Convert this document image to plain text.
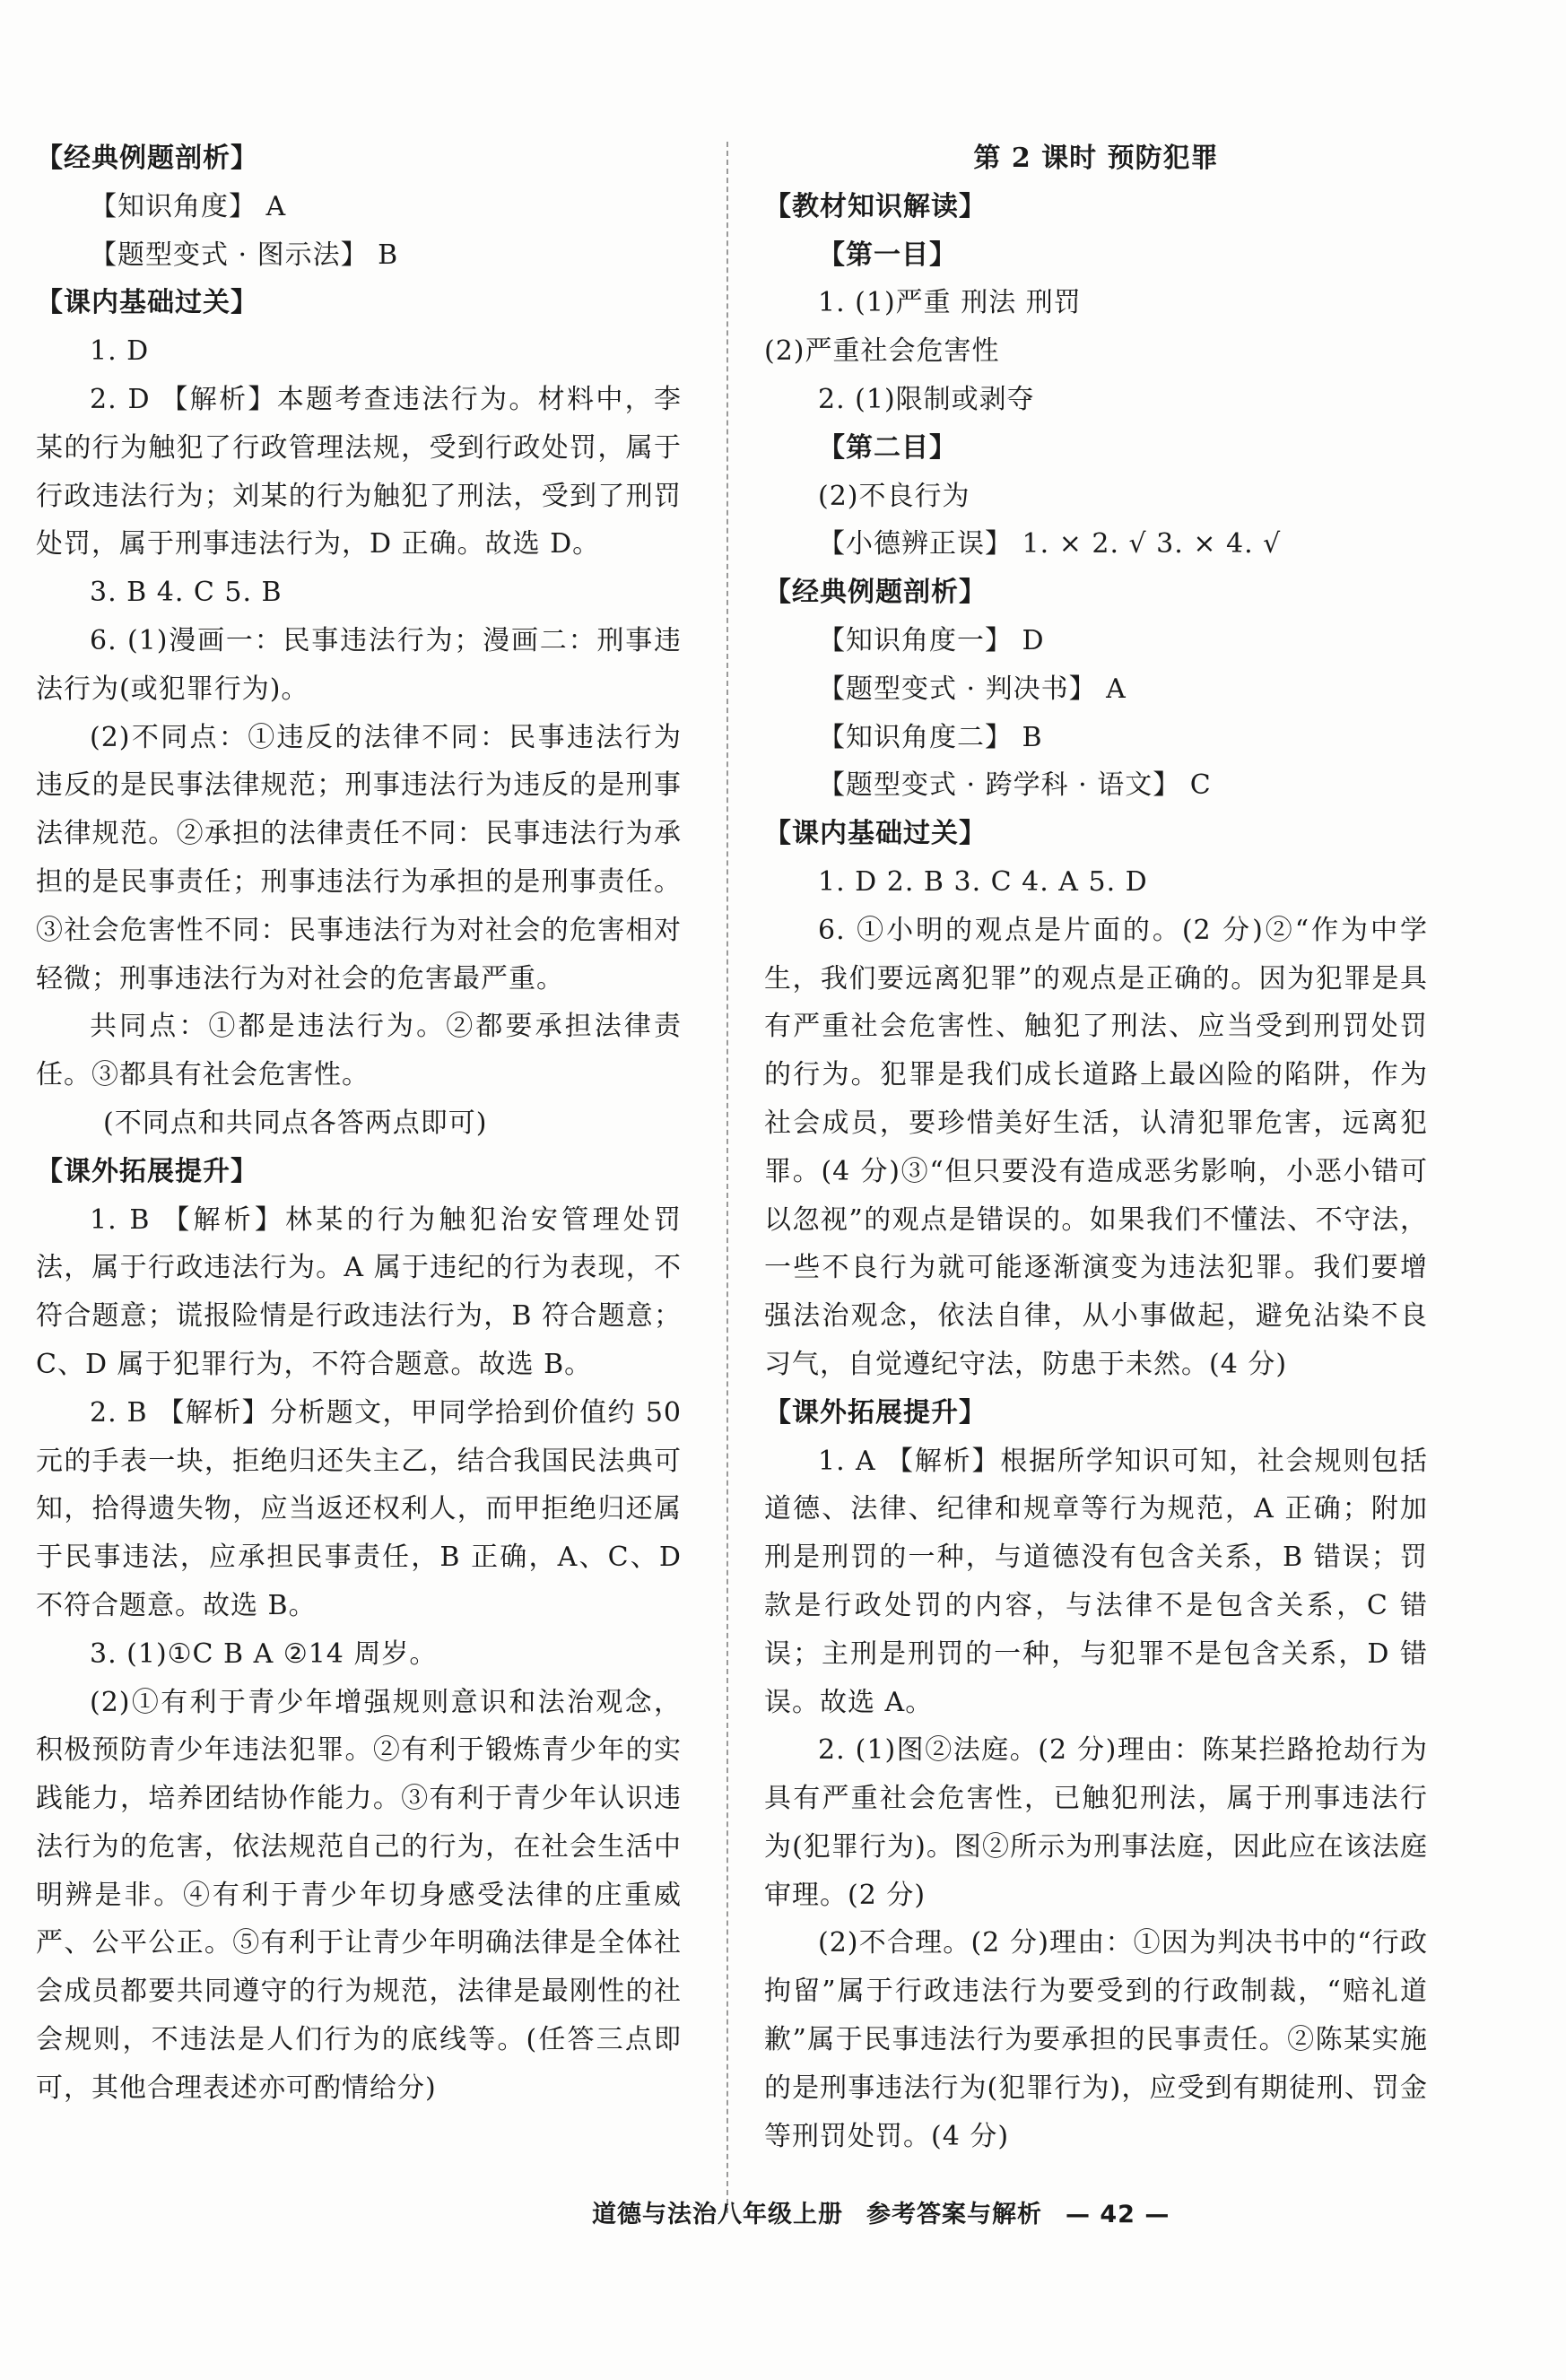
【经典例题剖析】
【知识角度】 A
【题型变式 · 图示法】 B
【课内基础过关】
1. D
2. D 【解析】本题考查违法行为。材料中，李某的行为触犯了行政管理法规，受到行政处罚，属于行政违法行为；刘某的行为触犯了刑法，受到了刑罚处罚，属于刑事违法行为，D 正确。故选 D。
3. B 4. C 5. B
6. (1)漫画一：民事违法行为；漫画二：刑事违法行为(或犯罪行为)。
(2)不同点：①违反的法律不同：民事违法行为违反的是民事法律规范；刑事违法行为违反的是刑事法律规范。②承担的法律责任不同：民事违法行为承担的是民事责任；刑事违法行为承担的是刑事责任。③社会危害性不同：民事违法行为对社会的危害相对轻微；刑事违法行为对社会的危害最严重。
共同点：①都是违法行为。②都要承担法律责任。③都具有社会危害性。
(不同点和共同点各答两点即可)
【课外拓展提升】
1. B 【解析】林某的行为触犯治安管理处罚法，属于行政违法行为。A 属于违纪的行为表现，不符合题意；谎报险情是行政违法行为，B 符合题意；C、D 属于犯罪行为，不符合题意。故选 B。
2. B 【解析】分析题文，甲同学拾到价值约 50 元的手表一块，拒绝归还失主乙，结合我国民法典可知，拾得遗失物，应当返还权利人，而甲拒绝归还属于民事违法，应承担民事责任，B 正确，A、C、D 不符合题意。故选 B。
3. (1)①C B A ②14 周岁。
(2)①有利于青少年增强规则意识和法治观念，积极预防青少年违法犯罪。②有利于锻炼青少年的实践能力，培养团结协作能力。③有利于青少年认识违法行为的危害，依法规范自己的行为，在社会生活中明辨是非。④有利于青少年切身感受法律的庄重威严、公平公正。⑤有利于让青少年明确法律是全体社会成员都要共同遵守的行为规范，法律是最刚性的社会规则，不违法是人们行为的底线等。(任答三点即可，其他合理表述亦可酌情给分)
第 2 课时 预防犯罪
【教材知识解读】
【第一目】
1. (1)严重 刑法 刑罚
(2)严重社会危害性
2. (1)限制或剥夺
【第二目】
(2)不良行为
【小德辨正误】 1. × 2. √ 3. × 4. √
【经典例题剖析】
【知识角度一】 D
【题型变式 · 判决书】 A
【知识角度二】 B
【题型变式 · 跨学科 · 语文】 C
【课内基础过关】
1. D 2. B 3. C 4. A 5. D
6. ①小明的观点是片面的。(2 分)②“作为中学生，我们要远离犯罪”的观点是正确的。因为犯罪是具有严重社会危害性、触犯了刑法、应当受到刑罚处罚的行为。犯罪是我们成长道路上最凶险的陷阱，作为社会成员，要珍惜美好生活，认清犯罪危害，远离犯罪。(4 分)③“但只要没有造成恶劣影响，小恶小错可以忽视”的观点是错误的。如果我们不懂法、不守法，一些不良行为就可能逐渐演变为违法犯罪。我们要增强法治观念，依法自律，从小事做起，避免沾染不良习气，自觉遵纪守法，防患于未然。(4 分)
【课外拓展提升】
1. A 【解析】根据所学知识可知，社会规则包括道德、法律、纪律和规章等行为规范，A 正确；附加刑是刑罚的一种，与道德没有包含关系，B 错误；罚款是行政处罚的内容，与法律不是包含关系，C 错误；主刑是刑罚的一种，与犯罪不是包含关系，D 错误。故选 A。
2. (1)图②法庭。(2 分)理由：陈某拦路抢劫行为具有严重社会危害性，已触犯刑法，属于刑事违法行为(犯罪行为)。图②所示为刑事法庭，因此应在该法庭审理。(2 分)
(2)不合理。(2 分)理由：①因为判决书中的“行政拘留”属于行政违法行为要受到的行政制裁，“赔礼道歉”属于民事违法行为要承担的民事责任。②陈某实施的是刑事违法行为(犯罪行为)，应受到有期徒刑、罚金等刑罚处罚。(4 分)
道德与法治八年级上册 参考答案与解析 — 42 —
